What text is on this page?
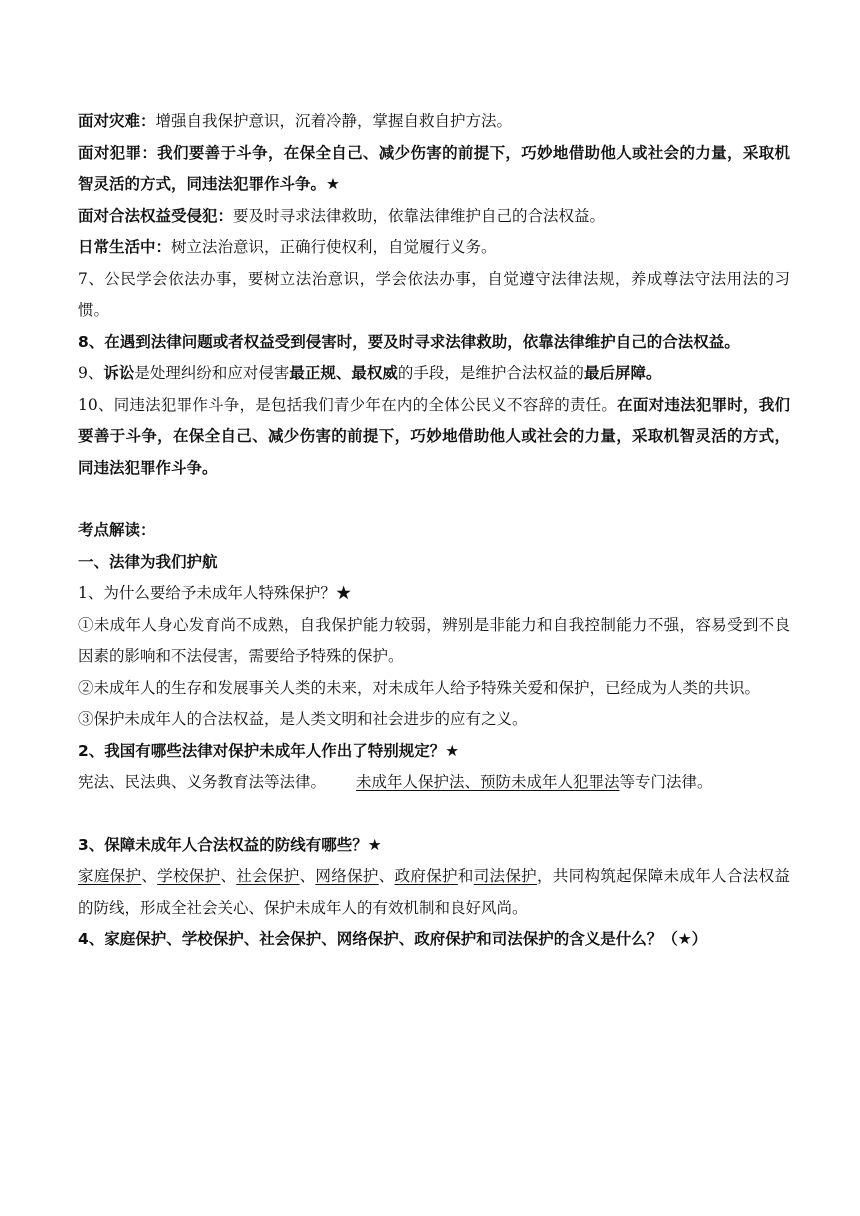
面对灾难：增强自我保护意识，沉着冷静，掌握自救自护方法。

面对犯罪：我们要善于斗争，在保全自己、减少伤害的前提下，巧妙地借助他人或社会的力量，采取机智灵活的方式，同违法犯罪作斗争。★

面对合法权益受侵犯：要及时寻求法律救助，依靠法律维护自己的合法权益。

日常生活中：树立法治意识，正确行使权利，自觉履行义务。

7、公民学会依法办事，要树立法治意识，学会依法办事，自觉遵守法律法规，养成尊法守法用法的习惯。

8、在遇到法律问题或者权益受到侵害时，要及时寻求法律救助，依靠法律维护自己的合法权益。

9、诉讼是处理纠纷和应对侵害最正规、最权威的手段，是维护合法权益的最后屏障。

10、同违法犯罪作斗争，是包括我们青少年在内的全体公民义不容辞的责任。在面对违法犯罪时，我们要善于斗争，在保全自己、减少伤害的前提下，巧妙地借助他人或社会的力量，采取机智灵活的方式，同违法犯罪作斗争。

考点解读：

一、法律为我们护航

1、为什么要给予未成年人特殊保护？★

①未成年人身心发育尚不成熟，自我保护能力较弱，辨别是非能力和自我控制能力不强，容易受到不良因素的影响和不法侵害，需要给予特殊的保护。

②未成年人的生存和发展事关人类的未来，对未成年人给予特殊关爱和保护，已经成为人类的共识。

③保护未成年人的合法权益，是人类文明和社会进步的应有之义。

2、我国有哪些法律对保护未成年人作出了特别规定？★

宪法、民法典、义务教育法等法律。 未成年人保护法、预防未成年人犯罪法等专门法律。

3、保障未成年人合法权益的防线有哪些？★

家庭保护、学校保护、社会保护、网络保护、政府保护和司法保护，共同构筑起保障未成年人合法权益的防线，形成全社会关心、保护未成年人的有效机制和良好风尚。

4、家庭保护、学校保护、社会保护、网络保护、政府保护和司法保护的含义是什么？（★）
